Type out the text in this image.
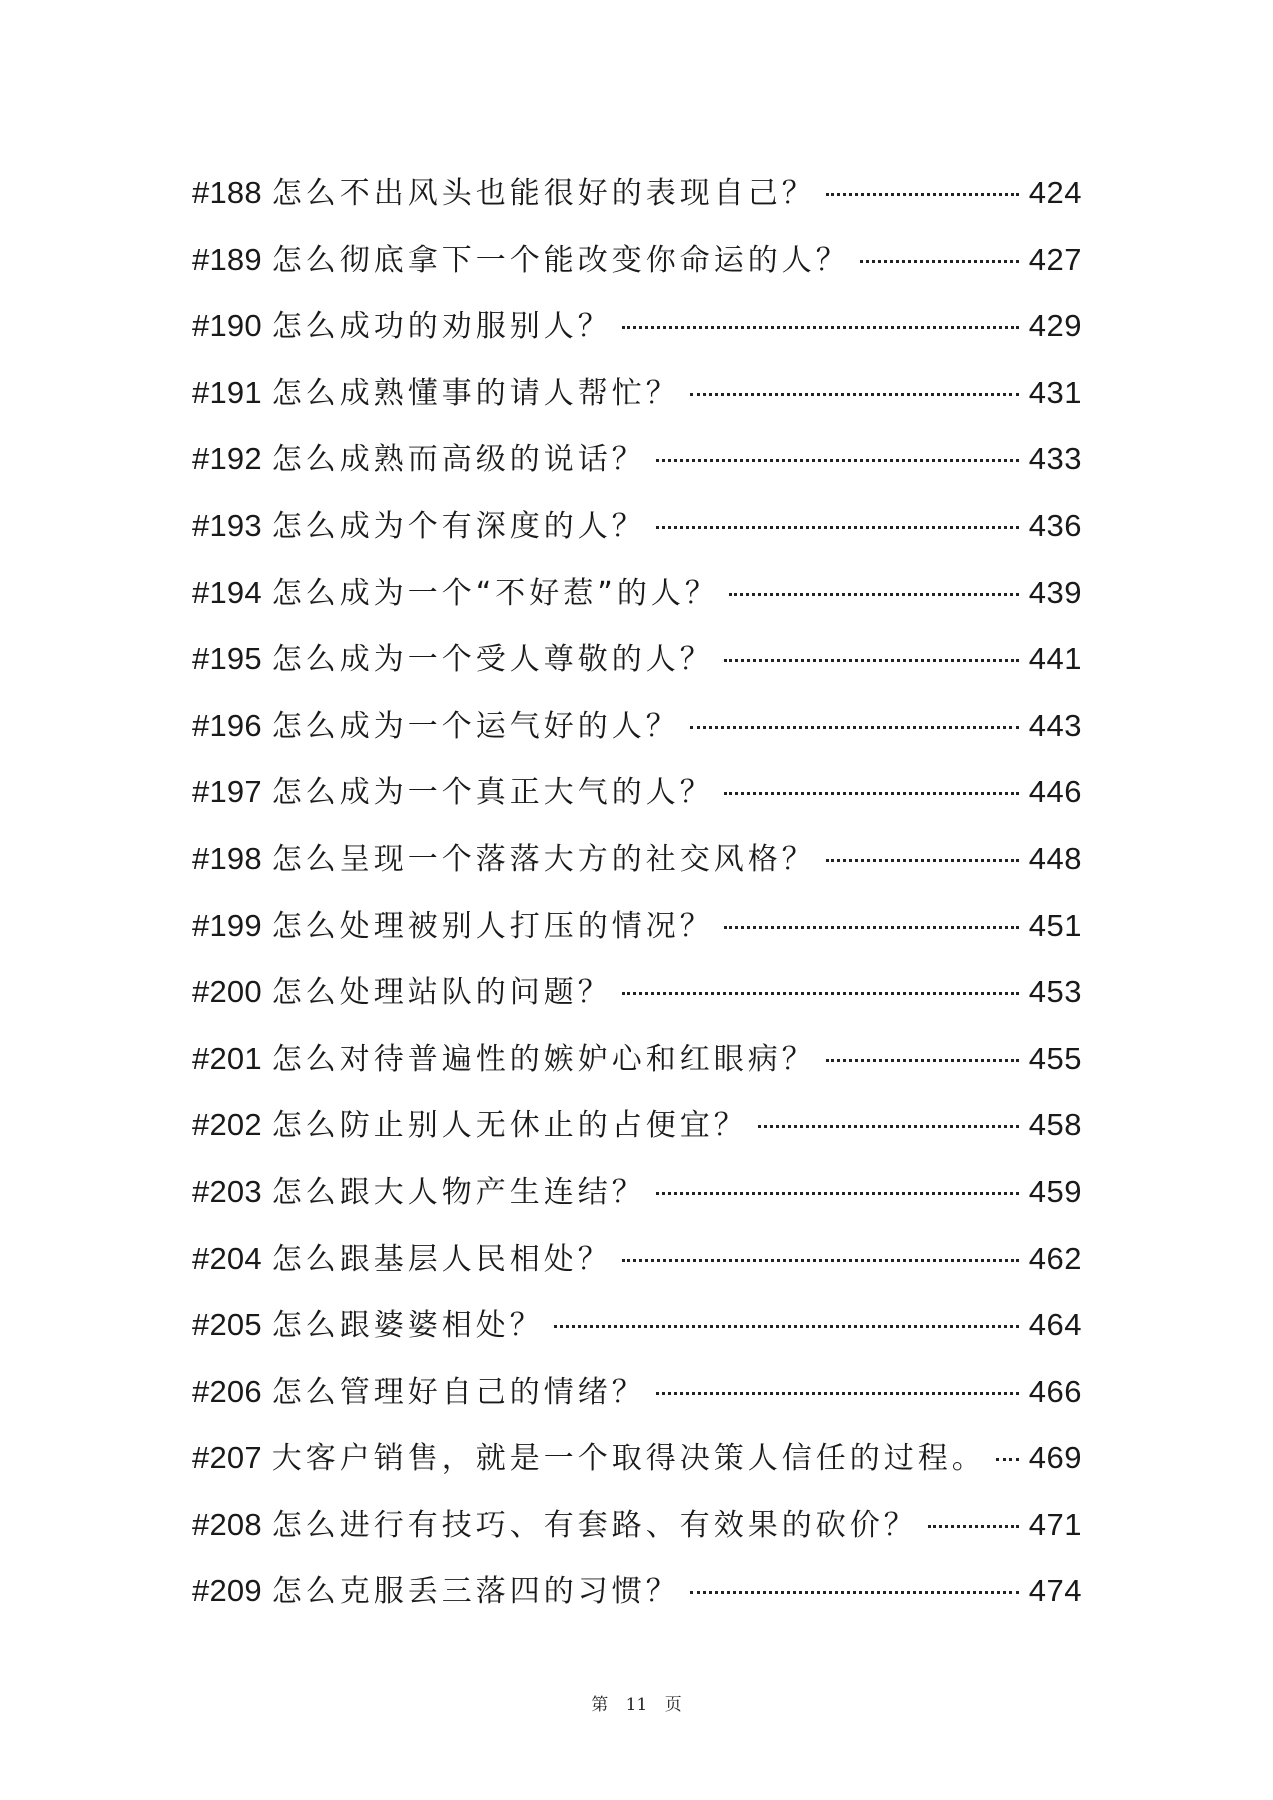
#188 怎么不出风头也能很好的表现自己？	424
#189 怎么彻底拿下一个能改变你命运的人？	427
#190 怎么成功的劝服别人？	429
#191 怎么成熟懂事的请人帮忙？	431
#192 怎么成熟而高级的说话？	433
#193 怎么成为个有深度的人？	436
#194 怎么成为一个“不好惹”的人？	439
#195 怎么成为一个受人尊敬的人？	441
#196 怎么成为一个运气好的人？	443
#197 怎么成为一个真正大气的人？	446
#198 怎么呈现一个落落大方的社交风格？	448
#199 怎么处理被别人打压的情况？	451
#200 怎么处理站队的问题？	453
#201 怎么对待普遍性的嫉妒心和红眼病？	455
#202 怎么防止别人无休止的占便宜？	458
#203 怎么跟大人物产生连结？	459
#204 怎么跟基层人民相处？	462
#205 怎么跟婆婆相处？	464
#206 怎么管理好自己的情绪？	466
#207 大客户销售，就是一个取得决策人信任的过程。 469
#208 怎么进行有技巧、有套路、有效果的砍价？	471
#209 怎么克服丢三落四的习惯？	474
第 11 页
